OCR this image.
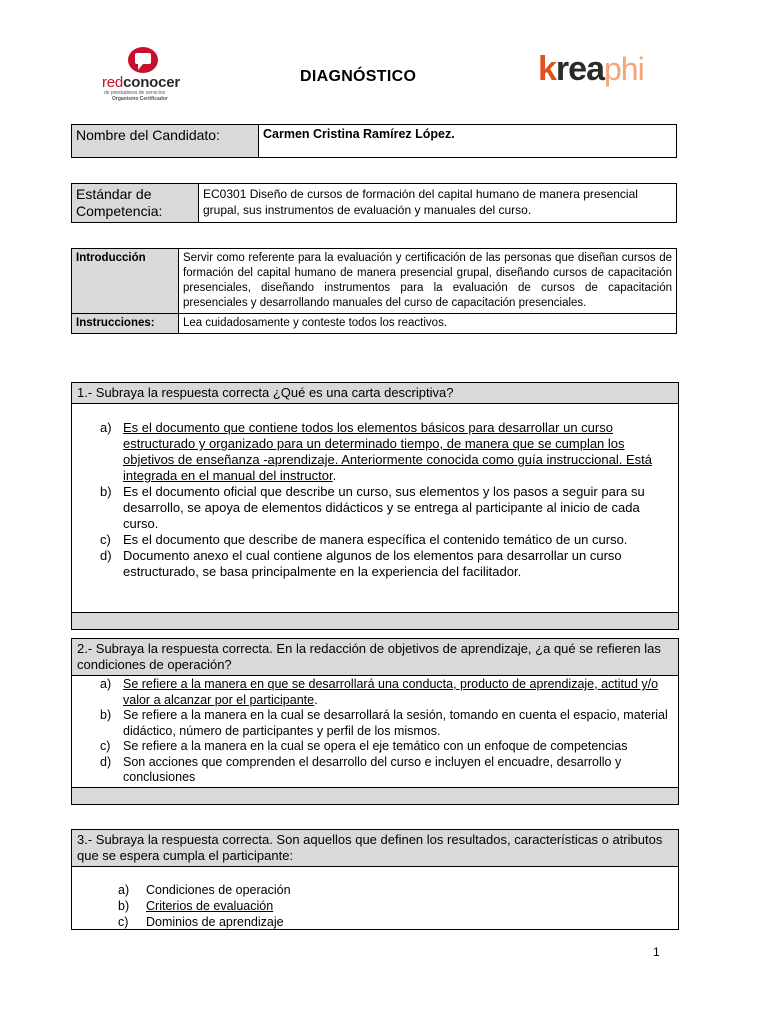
redconocer
de prestadores de servicios
Organismo Certificador
DIAGNÓSTICO	kreaphi
Nombre del Candidato:	Carmen Cristina Ramírez López.
Estándar de Competencia:	EC0301 Diseño de cursos de formación del capital humano de manera presencial grupal, sus instrumentos de evaluación y manuales del curso.
Introducción	Servir como referente para la evaluación y certificación de las personas que diseñan cursos de formación del capital humano de manera presencial grupal, diseñando cursos de capacitación presenciales, diseñando instrumentos para la evaluación de cursos de capacitación presenciales y desarrollando manuales del curso de capacitación presenciales.
Instrucciones:	Lea cuidadosamente y conteste todos los reactivos.
1.- Subraya la respuesta correcta ¿Qué es una carta descriptiva?
a) Es el documento que contiene todos los elementos básicos para desarrollar un curso estructurado y organizado para un determinado tiempo, de manera que se cumplan los objetivos de enseñanza -aprendizaje. Anteriormente conocida como guía instruccional. Está integrada en el manual del instructor.
b) Es el documento oficial que describe un curso, sus elementos y los pasos a seguir para su desarrollo, se apoya de elementos didácticos y se entrega al participante al inicio de cada curso.
c) Es el documento que describe de manera específica el contenido temático de un curso.
d) Documento anexo el cual contiene algunos de los elementos para desarrollar un curso estructurado, se basa principalmente en la experiencia del facilitador.
2.- Subraya la respuesta correcta. En la redacción de objetivos de aprendizaje, ¿a qué se refieren las condiciones de operación?
a) Se refiere a la manera en que se desarrollará una conducta, producto de aprendizaje, actitud y/o valor a alcanzar por el participante.
b) Se refiere a la manera en la cual se desarrollará la sesión, tomando en cuenta el espacio, material didáctico, número de participantes y perfil de los mismos.
c) Se refiere a la manera en la cual se opera el eje temático con un enfoque de competencias
d) Son acciones que comprenden el desarrollo del curso e incluyen el encuadre, desarrollo y conclusiones
3.- Subraya la respuesta correcta. Son aquellos que definen los resultados, características o atributos que se espera cumpla el participante:
a) Condiciones de operación
b) Criterios de evaluación
c) Dominios de aprendizaje
1
